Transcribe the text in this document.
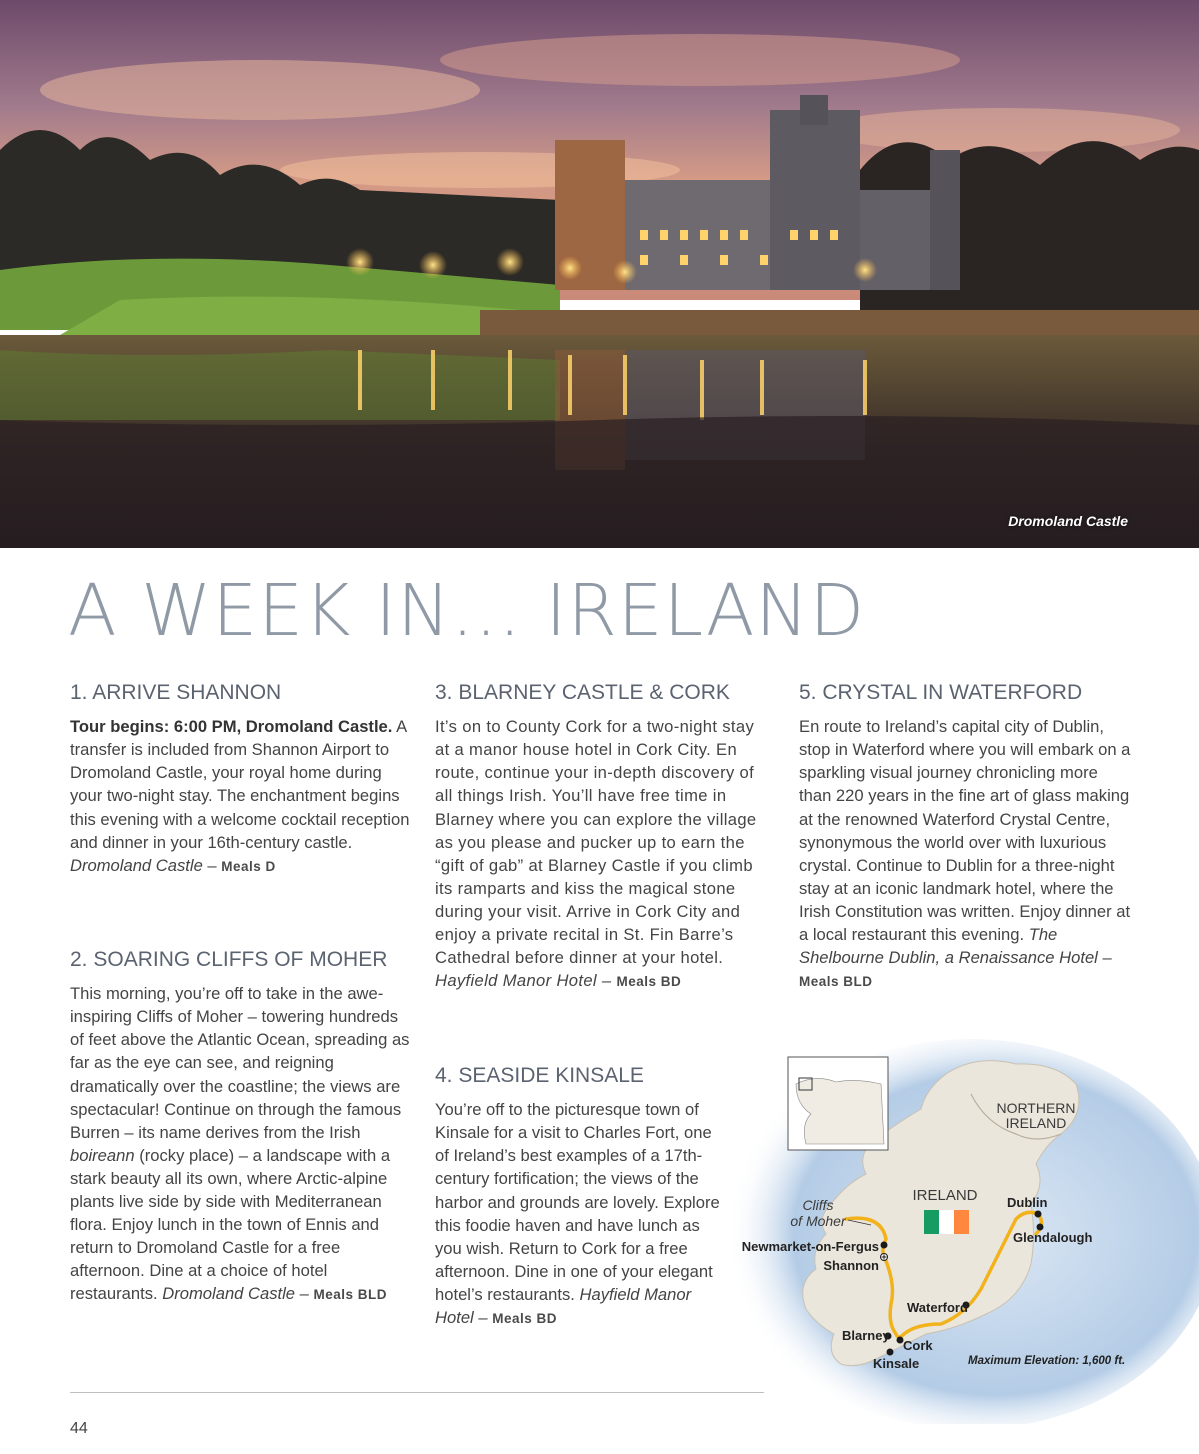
Dromoland Castle
A WEEK IN... IRELAND
1. ARRIVE SHANNON

Tour begins: 6:00 PM, Dromoland Castle. A transfer is included from Shannon Airport to Dromoland Castle, your royal home during your two-night stay. The enchantment begins this evening with a welcome cocktail reception and dinner in your 16th-century castle. Dromoland Castle – Meals D

2. SOARING CLIFFS OF MOHER

This morning, you’re off to take in the awe-inspiring Cliffs of Moher – towering hundreds of feet above the Atlantic Ocean, spreading as far as the eye can see, and reigning dramatically over the coastline; the views are spectacular! Continue on through the famous Burren – its name derives from the Irish boireann (rocky place) – a landscape with a stark beauty all its own, where Arctic-alpine plants live side by side with Mediterranean flora. Enjoy lunch in the town of Ennis and return to Dromoland Castle for a free afternoon. Dine at a choice of hotel restaurants. Dromoland Castle – Meals BLD

3. BLARNEY CASTLE & CORK

It’s on to County Cork for a two-night stay at a manor house hotel in Cork City. En route, continue your in-depth discovery of all things Irish. You’ll have free time in Blarney where you can explore the village as you please and pucker up to earn the “gift of gab” at Blarney Castle if you climb its ramparts and kiss the magical stone during your visit. Arrive in Cork City and enjoy a private recital in St. Fin Barre’s Cathedral before dinner at your hotel. Hayfield Manor Hotel – Meals BD

4. SEASIDE KINSALE

You’re off to the picturesque town of Kinsale for a visit to Charles Fort, one of Ireland’s best examples of a 17th-century fortification; the views of the harbor and grounds are lovely. Explore this foodie haven and have lunch as you wish. Return to Cork for a free afternoon. Dine in one of your elegant hotel’s restaurants. Hayfield Manor Hotel – Meals BD

5. CRYSTAL IN WATERFORD

En route to Ireland’s capital city of Dublin, stop in Waterford where you will embark on a sparkling visual journey chronicling more than 220 years in the fine art of glass making at the renowned Waterford Crystal Centre, synonymous the world over with luxurious crystal. Continue to Dublin for a three-night stay at an iconic landmark hotel, where the Irish Constitution was written. Enjoy dinner at a local restaurant this evening. The Shelbourne Dublin, a Renaissance Hotel – Meals BLD

NORTHERN
IRELAND
IRELAND
Cliffs
of Moher
Dublin
Glendalough
Newmarket-on-Fergus
Shannon
Waterford
Blarney
Cork
Kinsale	Maximum Elevation: 1,600 ft.
44
